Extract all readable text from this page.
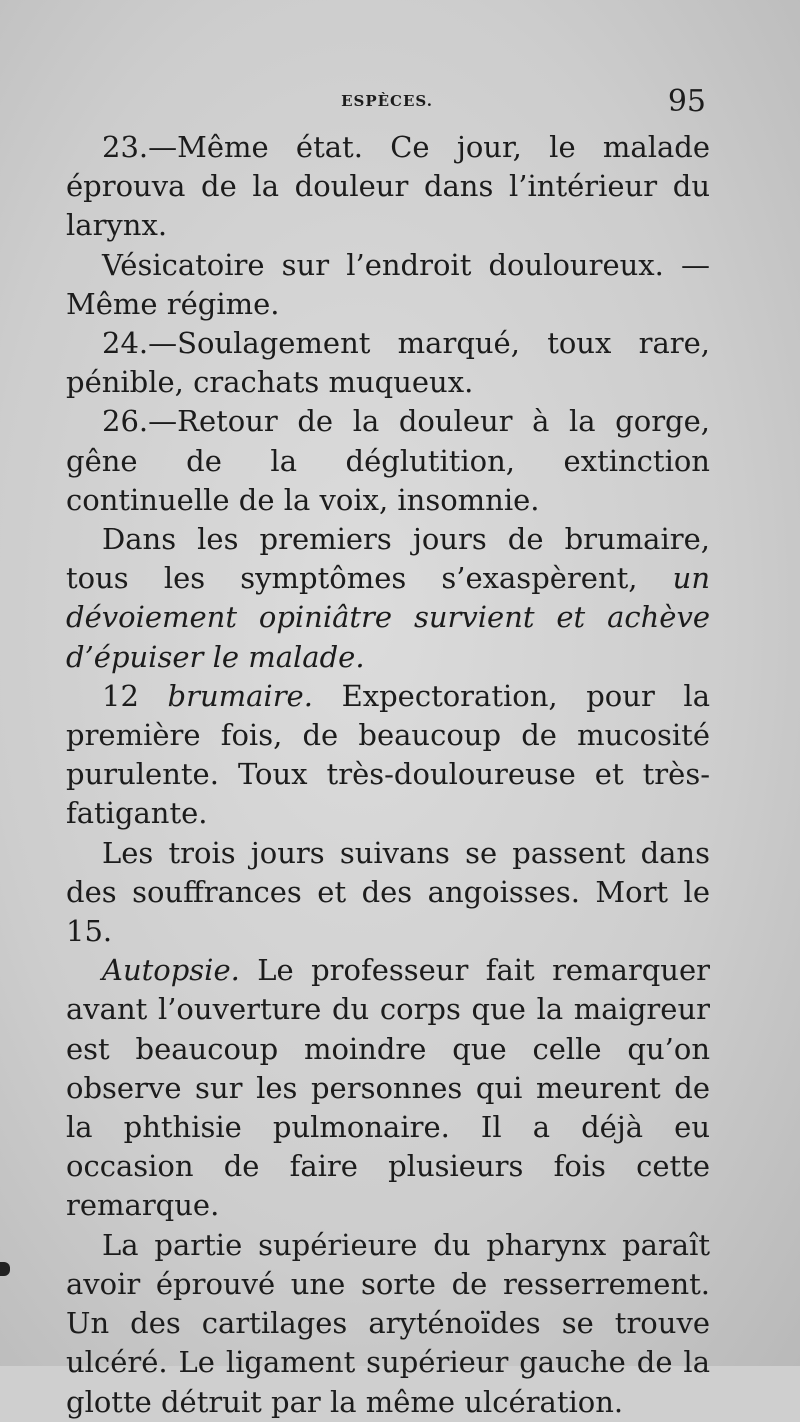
ESPÈCES.	95

23.—Même état. Ce jour, le malade éprouva de la douleur dans l’intérieur du larynx.

Vésicatoire sur l’endroit douloureux. — Même régime.

24.—Soulagement marqué, toux rare, pénible, crachats muqueux.

26.—Retour de la douleur à la gorge, gêne de la déglutition, extinction continuelle de la voix, insomnie.

Dans les premiers jours de brumaire, tous les symptômes s’exaspèrent, un dévoiement opiniâtre survient et achève d’épuiser le malade.

12 brumaire. Expectoration, pour la première fois, de beaucoup de mucosité purulente. Toux très-douloureuse et très-fatigante.

Les trois jours suivans se passent dans des souffrances et des angoisses. Mort le 15.

Autopsie. Le professeur fait remarquer avant l’ouverture du corps que la maigreur est beaucoup moindre que celle qu’on observe sur les personnes qui meurent de la phthisie pulmonaire. Il a déjà eu occasion de faire plusieurs fois cette remarque.

La partie supérieure du pharynx paraît avoir éprouvé une sorte de resserrement. Un des cartilages aryténoïdes se trouve ulcéré. Le ligament supérieur gauche de la glotte détruit par la même ulcération.
